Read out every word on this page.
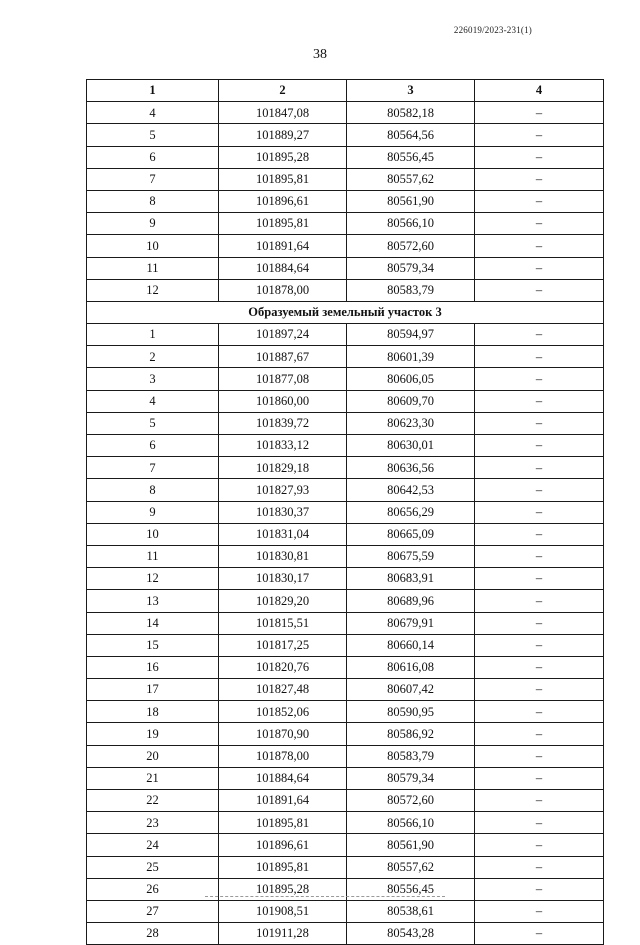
226019/2023-231(1)
38
1	2	3	4
4	101847,08	80582,18	–
5	101889,27	80564,56	–
6	101895,28	80556,45	–
7	101895,81	80557,62	–
8	101896,61	80561,90	–
9	101895,81	80566,10	–
10	101891,64	80572,60	–
11	101884,64	80579,34	–
12	101878,00	80583,79	–
Образуемый земельный участок 3			
1	101897,24	80594,97	–
2	101887,67	80601,39	–
3	101877,08	80606,05	–
4	101860,00	80609,70	–
5	101839,72	80623,30	–
6	101833,12	80630,01	–
7	101829,18	80636,56	–
8	101827,93	80642,53	–
9	101830,37	80656,29	–
10	101831,04	80665,09	–
11	101830,81	80675,59	–
12	101830,17	80683,91	–
13	101829,20	80689,96	–
14	101815,51	80679,91	–
15	101817,25	80660,14	–
16	101820,76	80616,08	–
17	101827,48	80607,42	–
18	101852,06	80590,95	–
19	101870,90	80586,92	–
20	101878,00	80583,79	–
21	101884,64	80579,34	–
22	101891,64	80572,60	–
23	101895,81	80566,10	–
24	101896,61	80561,90	–
25	101895,81	80557,62	–
26	101895,28	80556,45	–
27	101908,51	80538,61	–
28	101911,28	80543,28	–
